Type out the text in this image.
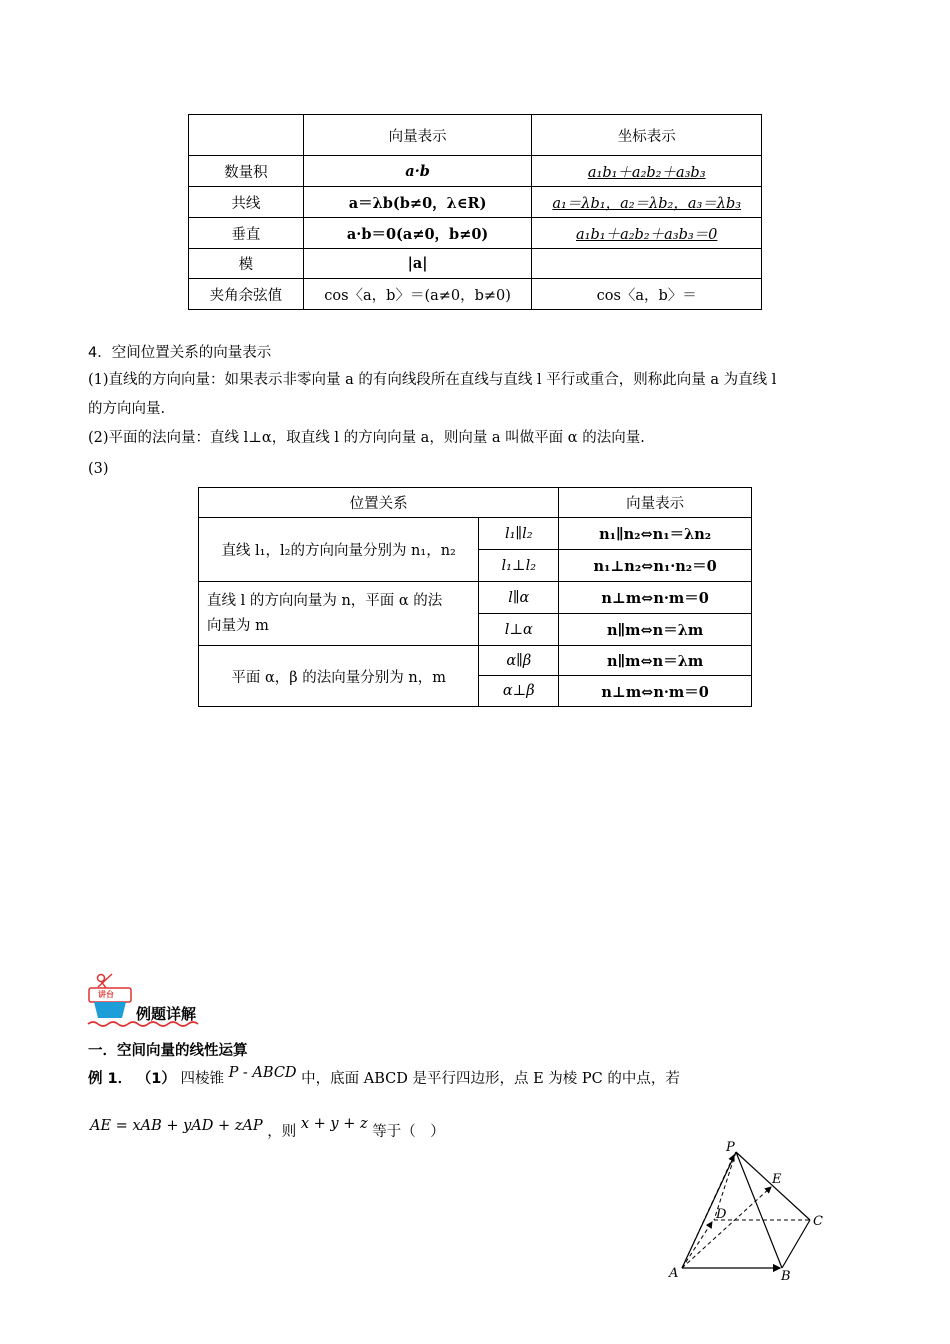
	向量表示	坐标表示
数量积	a·b	a₁b₁＋a₂b₂＋a₃b₃
共线	a＝λb(b≠0，λ∈R)	a₁＝λb₁，a₂＝λb₂，a₃＝λb₃
垂直	a·b＝0(a≠0，b≠0)	a₁b₁＋a₂b₂＋a₃b₃＝0
模	|a|	
夹角余弦值	cos〈a，b〉＝(a≠0，b≠0)	cos〈a，b〉＝
4．空间位置关系的向量表示
(1)直线的方向向量：如果表示非零向量 a 的有向线段所在直线与直线 l 平行或重合，则称此向量 a 为直线 l
的方向向量.
(2)平面的法向量：直线 l⊥α，取直线 l 的方向向量 a，则向量 a 叫做平面 α 的法向量.
(3)
位置关系		向量表示
直线 l₁，l₂的方向向量分别为 n₁，n₂	l₁∥l₂	n₁∥n₂⇔n₁＝λn₂
	l₁⊥l₂	n₁⊥n₂⇔n₁·n₂＝0
直线 l 的方向向量为 n，平面 α 的法
向量为 m	l∥α	n⊥m⇔n·m＝0
	l⊥α	n∥m⇔n＝λm
平面 α，β 的法向量分别为 n，m	α∥β	n∥m⇔n＝λm
	α⊥β	n⊥m⇔n·m＝0
讲台
例题详解
一．空间向量的线性运算
例 1． （1） 四棱锥 P - ABCD 中，底面 ABCD 是平行四边形，点 E 为棱 PC 的中点，若
AE = xAB + yAD + zAP ，则 x + y + z 等于（　）
P
E
D	C
A	B
